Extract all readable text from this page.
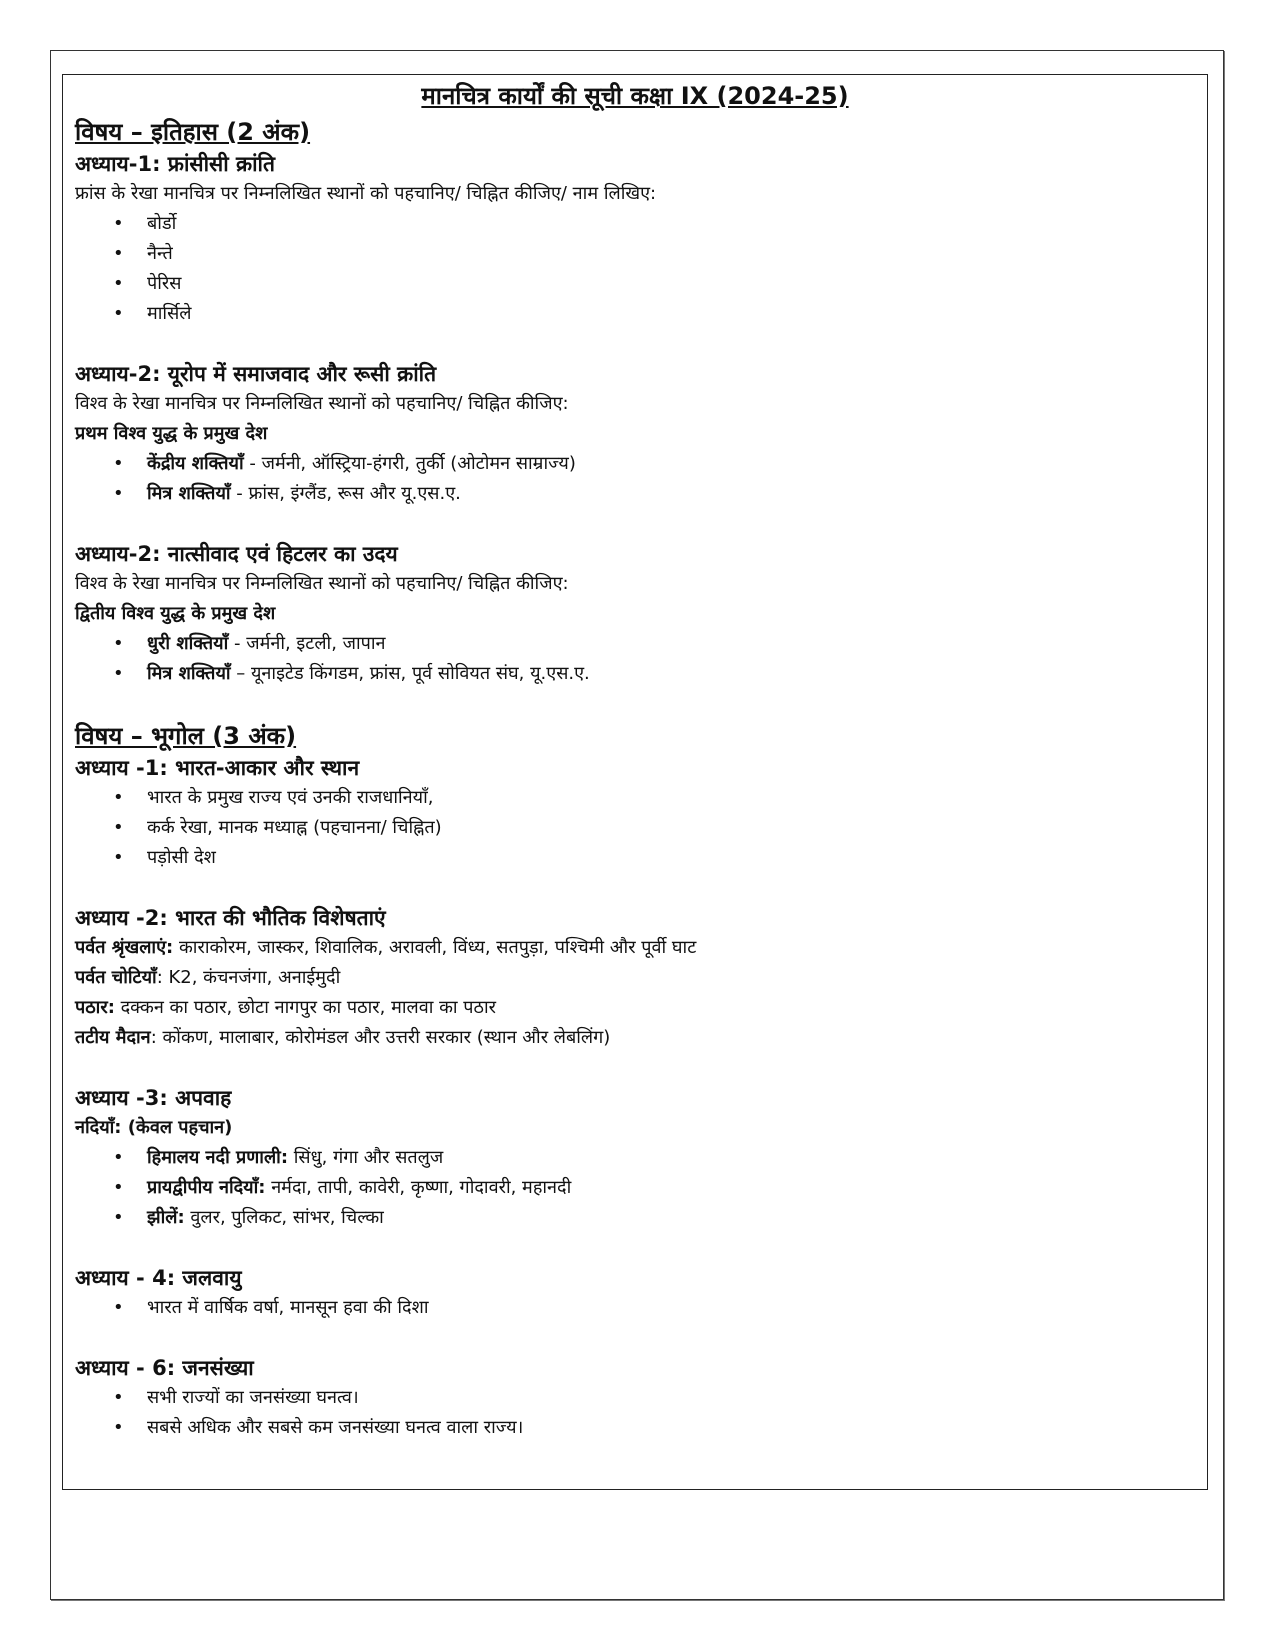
मानचित्र कार्यों की सूची कक्षा IX (2024-25)
विषय – इतिहास (2 अंक)
अध्याय-1: फ्रांसीसी क्रांति
फ्रांस के रेखा मानचित्र पर निम्नलिखित स्थानों को पहचानिए/ चिह्नित कीजिए/ नाम लिखिए:
• बोर्डो
• नैन्ते
• पेरिस
• मार्सिले
अध्याय-2: यूरोप में समाजवाद और रूसी क्रांति
विश्व के रेखा मानचित्र पर निम्नलिखित स्थानों को पहचानिए/ चिह्नित कीजिए:
प्रथम विश्व युद्ध के प्रमुख देश
• केंद्रीय शक्तियाँ - जर्मनी, ऑस्ट्रिया-हंगरी, तुर्की (ओटोमन साम्राज्य)
• मित्र शक्तियाँ - फ्रांस, इंग्लैंड, रूस और यू.एस.ए.
अध्याय-2: नात्सीवाद एवं हिटलर का उदय
विश्व के रेखा मानचित्र पर निम्नलिखित स्थानों को पहचानिए/ चिह्नित कीजिए:
द्वितीय विश्व युद्ध के प्रमुख देश
• धुरी शक्तियाँ - जर्मनी, इटली, जापान
• मित्र शक्तियाँ – यूनाइटेड किंगडम, फ्रांस, पूर्व सोवियत संघ, यू.एस.ए.
विषय – भूगोल (3 अंक)
अध्याय -1: भारत-आकार और स्थान
• भारत के प्रमुख राज्य एवं उनकी राजधानियाँ,
• कर्क रेखा, मानक मध्याह्न (पहचानना/ चिह्नित)
• पड़ोसी देश
अध्याय -2: भारत की भौतिक विशेषताएं
पर्वत श्रृंखलाएं: काराकोरम, जास्कर, शिवालिक, अरावली, विंध्य, सतपुड़ा, पश्चिमी और पूर्वी घाट
पर्वत चोटियाँ: K2, कंचनजंगा, अनाईमुदी
पठार: दक्कन का पठार, छोटा नागपुर का पठार, मालवा का पठार
तटीय मैदान: कोंकण, मालाबार, कोरोमंडल और उत्तरी सरकार (स्थान और लेबलिंग)
अध्याय -3: अपवाह
नदियाँ: (केवल पहचान)
• हिमालय नदी प्रणाली: सिंधु, गंगा और सतलुज
• प्रायद्वीपीय नदियाँ: नर्मदा, तापी, कावेरी, कृष्णा, गोदावरी, महानदी
• झीलें: वुलर, पुलिकट, सांभर, चिल्का
अध्याय - 4: जलवायु
• भारत में वार्षिक वर्षा, मानसून हवा की दिशा
अध्याय - 6: जनसंख्या
• सभी राज्यों का जनसंख्या घनत्व।
• सबसे अधिक और सबसे कम जनसंख्या घनत्व वाला राज्य।
